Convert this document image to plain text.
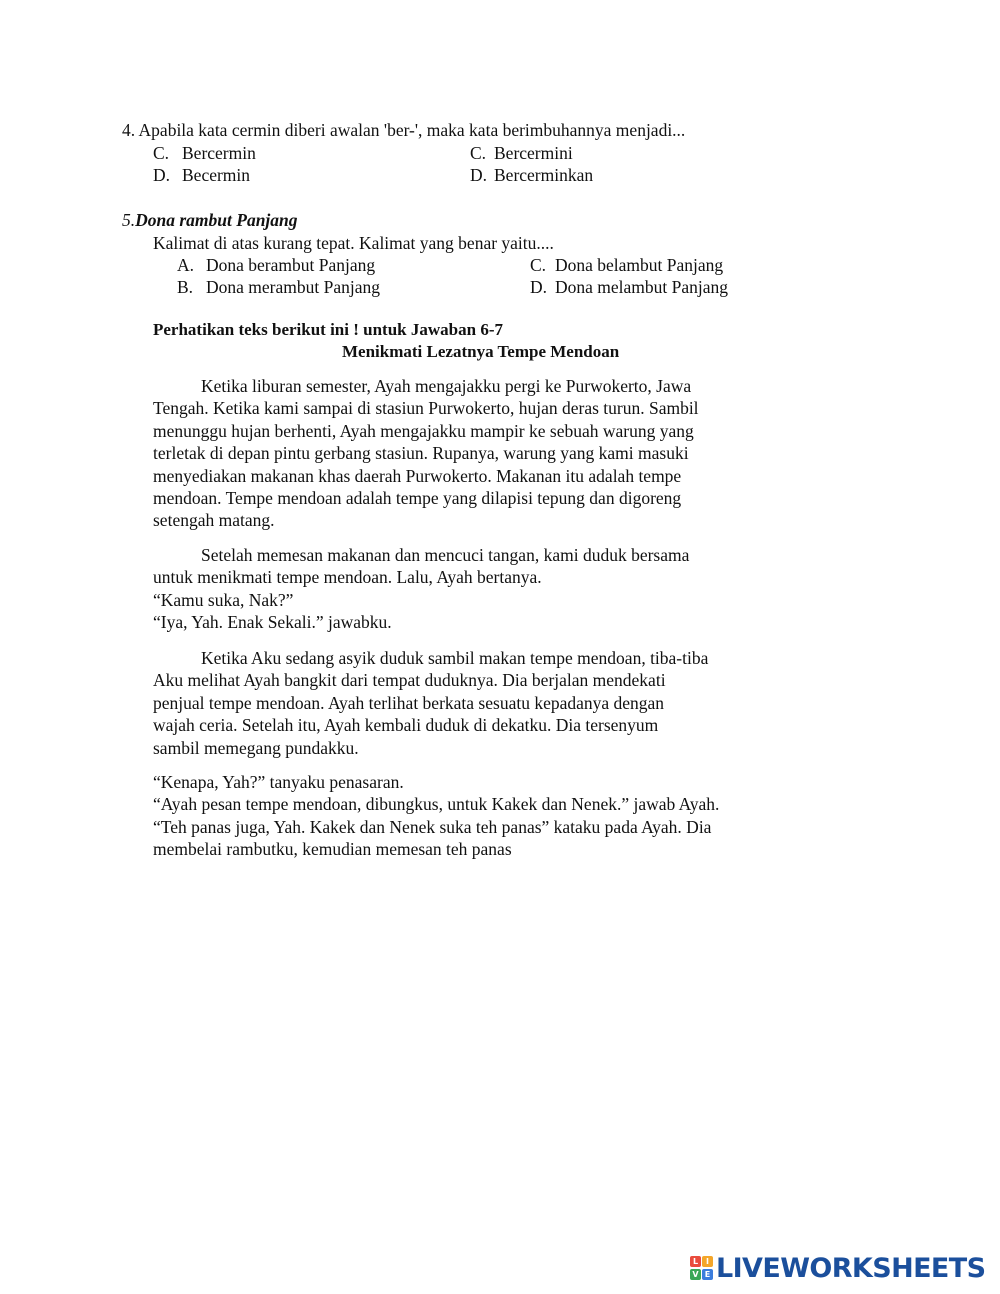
4. Apabila kata cermin diberi awalan 'ber-', maka kata berimbuhannya menjadi...
C. Bercermin	C. Bercermini
D. Becermin	D. Bercerminkan
5.Dona rambut Panjang
Kalimat di atas kurang tepat. Kalimat yang benar yaitu....
A. Dona berambut Panjang	C. Dona belambut Panjang
B. Dona merambut Panjang	D. Dona melambut Panjang
Perhatikan teks berikut ini ! untuk Jawaban 6-7
Menikmati Lezatnya Tempe Mendoan
Ketika liburan semester, Ayah mengajakku pergi ke Purwokerto, Jawa
Tengah. Ketika kami sampai di stasiun Purwokerto, hujan deras turun. Sambil
menunggu hujan berhenti, Ayah mengajakku mampir ke sebuah warung yang
terletak di depan pintu gerbang stasiun. Rupanya, warung yang kami masuki
menyediakan makanan khas daerah Purwokerto. Makanan itu adalah tempe
mendoan. Tempe mendoan adalah tempe yang dilapisi tepung dan digoreng
setengah matang.
Setelah memesan makanan dan mencuci tangan, kami duduk bersama
untuk menikmati tempe mendoan. Lalu, Ayah bertanya.
“Kamu suka, Nak?”
“Iya, Yah. Enak Sekali.” jawabku.
Ketika Aku sedang asyik duduk sambil makan tempe mendoan, tiba-tiba
Aku melihat Ayah bangkit dari tempat duduknya. Dia berjalan mendekati
penjual tempe mendoan. Ayah terlihat berkata sesuatu kepadanya dengan
wajah ceria. Setelah itu, Ayah kembali duduk di dekatku. Dia tersenyum
sambil memegang pundakku.
“Kenapa, Yah?” tanyaku penasaran.
“Ayah pesan tempe mendoan, dibungkus, untuk Kakek dan Nenek.” jawab Ayah.
“Teh panas juga, Yah. Kakek dan Nenek suka teh panas” kataku pada Ayah. Dia
membelai rambutku, kemudian memesan teh panas
L I
V E LIVEWORKSHEETS
